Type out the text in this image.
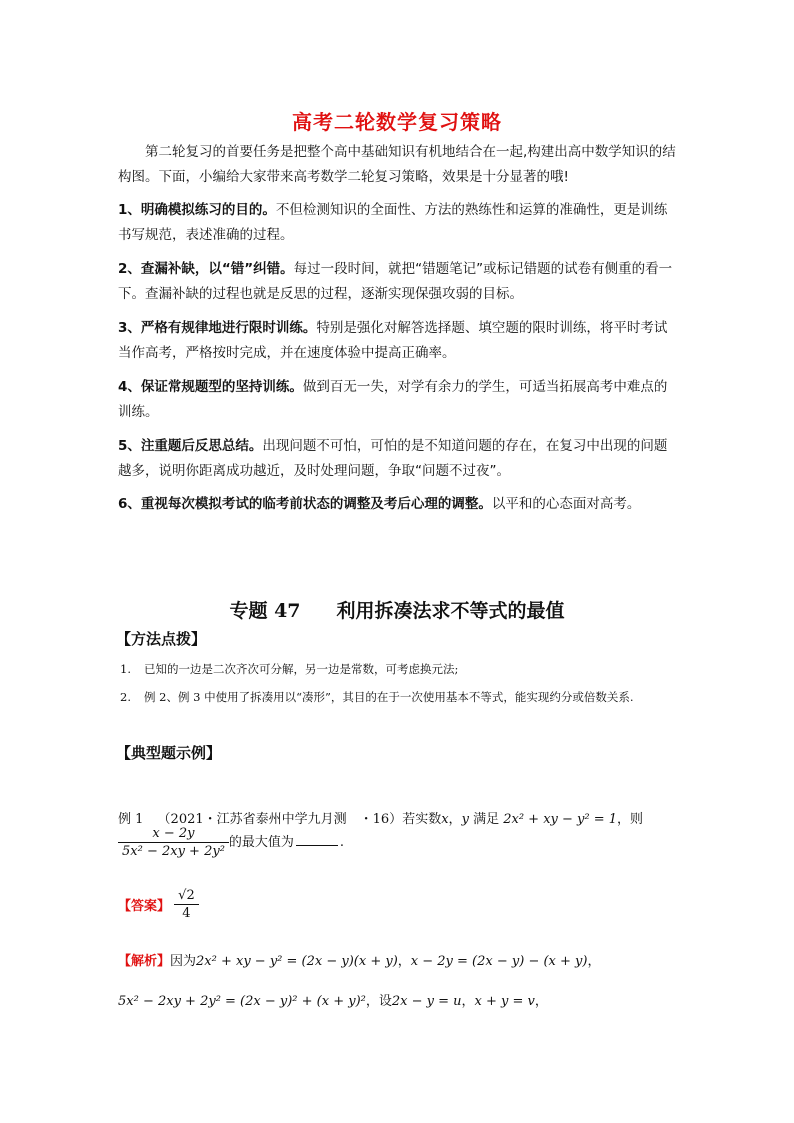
高考二轮数学复习策略
第二轮复习的首要任务是把整个高中基础知识有机地结合在一起,构建出高中数学知识的结构图。下面，小编给大家带来高考数学二轮复习策略，效果是十分显著的哦!
1、明确模拟练习的目的。不但检测知识的全面性、方法的熟练性和运算的准确性，更是训练书写规范，表述准确的过程。
2、查漏补缺，以“错”纠错。每过一段时间，就把“错题笔记”或标记错题的试卷有侧重的看一下。查漏补缺的过程也就是反思的过程，逐渐实现保强攻弱的目标。
3、严格有规律地进行限时训练。特别是强化对解答选择题、填空题的限时训练，将平时考试当作高考，严格按时完成，并在速度体验中提高正确率。
4、保证常规题型的坚持训练。做到百无一失，对学有余力的学生，可适当拓展高考中难点的训练。
5、注重题后反思总结。出现问题不可怕，可怕的是不知道问题的存在，在复习中出现的问题越多，说明你距离成功越近，及时处理问题，争取“问题不过夜”。
6、重视每次模拟考试的临考前状态的调整及考后心理的调整。以平和的心态面对高考。
专题 47 利用拆凑法求不等式的最值
【方法点拨】
1. 已知的一边是二次齐次可分解，另一边是常数，可考虑换元法;
2. 例 2、例 3 中使用了拆凑用以“凑形”，其目的在于一次使用基本不等式，能实现约分或倍数关系.
【典型题示例】
例 1 （2021・江苏省泰州中学九月测　・16）若实数x，y 满足 2x² + xy − y² = 1，则
$\frac{x - 2y}{\text{5x² − 2xy + 2y²}}$ 的最大值为	.
【答案】 $\frac{√2}{4}$
【解析】因为2x² + xy − y² = (2x − y)(x + y)，x − 2y = (2x − y) − (x + y)，
5x² − 2xy + 2y² = (2x − y)² + (x + y)²，设2x − y = u，x + y = v，
